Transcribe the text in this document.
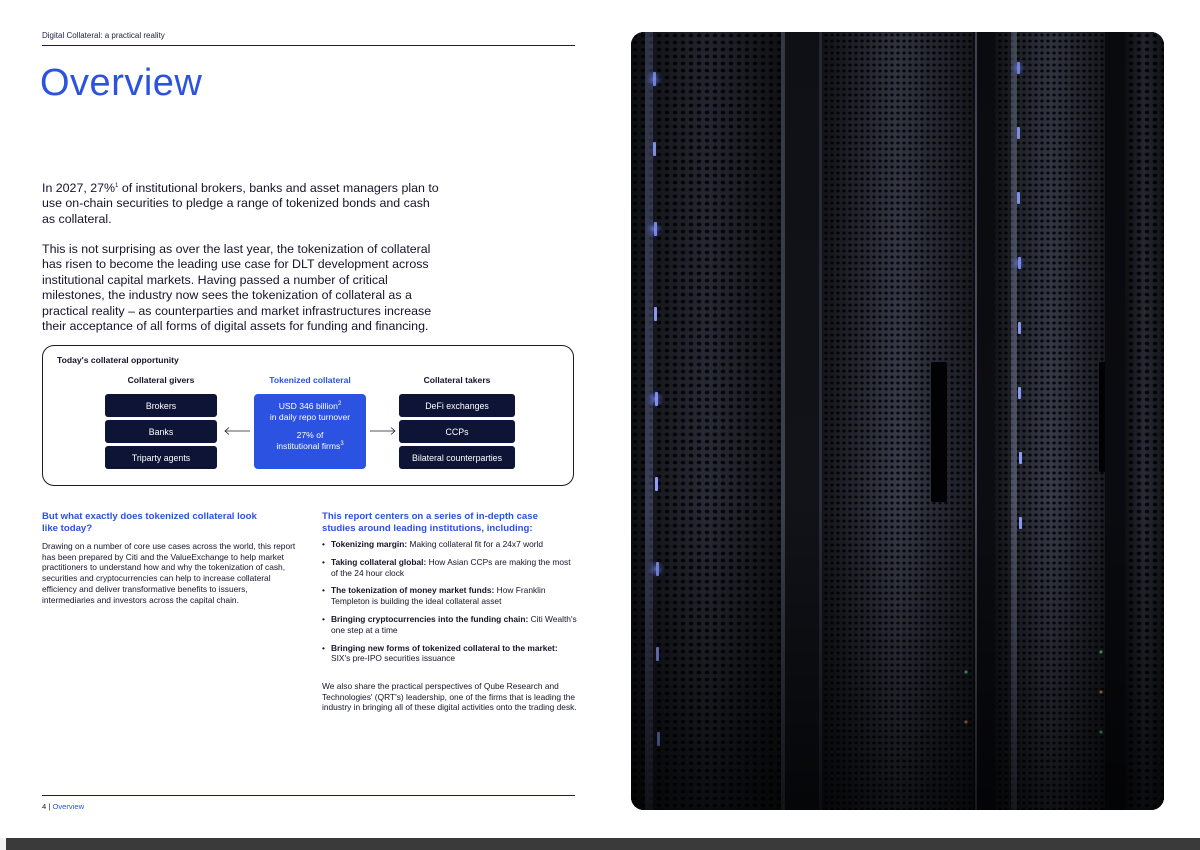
Digital Collateral: a practical reality
Overview

In 2027, 27%$^1$ of institutional brokers, banks and asset managers plan to use on-chain securities to pledge a range of tokenized bonds and cash as collateral.

This is not surprising as over the last year, the tokenization of collateral has risen to become the leading use case for DLT development across institutional capital markets. Having passed a number of critical milestones, the industry now sees the tokenization of collateral as a practical reality – as counterparties and market infrastructures increase their acceptance of all forms of digital assets for funding and financing.

Today's collateral opportunity
Collateral givers	Tokenized collateral	Collateral takers
Brokers
Banks
Triparty agents
USD 346 billion$^2$
in daily repo turnover
27% of
institutional firms$^3$
DeFi exchanges
CCPs
Bilateral counterparties

But what exactly does tokenized collateral look like today?

Drawing on a number of core use cases across the world, this report has been prepared by Citi and the ValueExchange to help market practitioners to understand how and why the tokenization of cash, securities and cryptocurrencies can help to increase collateral efficiency and deliver transformative benefits to issuers, intermediaries and investors across the capital chain.

This report centers on a series of in-depth case studies around leading institutions, including:

• Tokenizing margin: Making collateral fit for a 24x7 world
• Taking collateral global: How Asian CCPs are making the most of the 24 hour clock
• The tokenization of money market funds: How Franklin Templeton is building the ideal collateral asset
• Bringing cryptocurrencies into the funding chain: Citi Wealth's one step at a time
• Bringing new forms of tokenized collateral to the market: SIX's pre-IPO securities issuance

We also share the practical perspectives of Qube Research and Technologies' (QRT's) leadership, one of the firms that is leading the industry in bringing all of these digital activities onto the trading desk.

4 | Overview
